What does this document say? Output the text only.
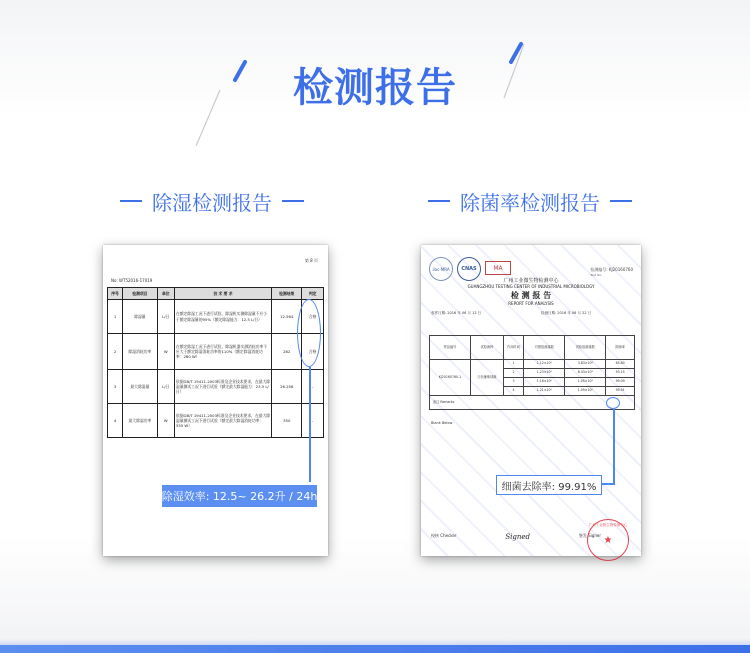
检测报告
除湿检测报告	除菌率检测报告
第 8 页
No: WT52016-17019
序号	检测项目	单位	技 术 要 求	检测结果	判定
1	除湿量	L/日	在额定除湿工况下进行试验，除湿机实测除湿量不应小于额定除湿量的95%（额定除湿能力：12.5 L/日）	12.564	合格
2	除湿消耗功率	W	在额定除湿工况下进行试验，除湿机器实测消耗功率不应大于额定除湿消耗功率的110%（额定除湿消耗功率：260 W）	262	合格
3	最大除湿量	L/日	依据GB/T 19411-2003标准及企业技术要求，在最大除湿量测试工况下进行试验（额定最大除湿能力：23.5 L/日）	26.256	-
4	最大除湿功率	W	依据GB/T 19411-2003标准及企业技术要求，在最大除湿量测试工况下进行试验（额定最大除湿消耗功率：355 W）	350	-
除湿效率: 12.5~ 26.2升 / 24h
ilac-MRA	CNAS	MA	检测编号: KJ20160760
Test No.
广州工业微生物检测中心
GUANGZHOU TESTING CENTER OF INDUSTRIAL MICROBIOLOGY
检 测 报 告
REPORT FOR ANALYSIS
收样日期: 2016 年 06 月 12 日	检测日期: 2016 年 06 月 22 日
样品编号	试验菌种	作用时间	对照组菌落数	试验组菌落数	除菌率
KJ20160760-1	白色葡萄球菌	1	1.12×10⁵	3.83×10⁴	65.80
		2	1.23×10⁵	8.43×10³	93.15
		3	1.16×10⁵	1.05×10³	99.09
		4	1.21×10⁵	1.09×10²	99.91
备注 Remarks					
Blank Below
校核 Checker	Signed	签发 Signer
广州工业微生物检测中心
★
细菌去除率: 99.91%
